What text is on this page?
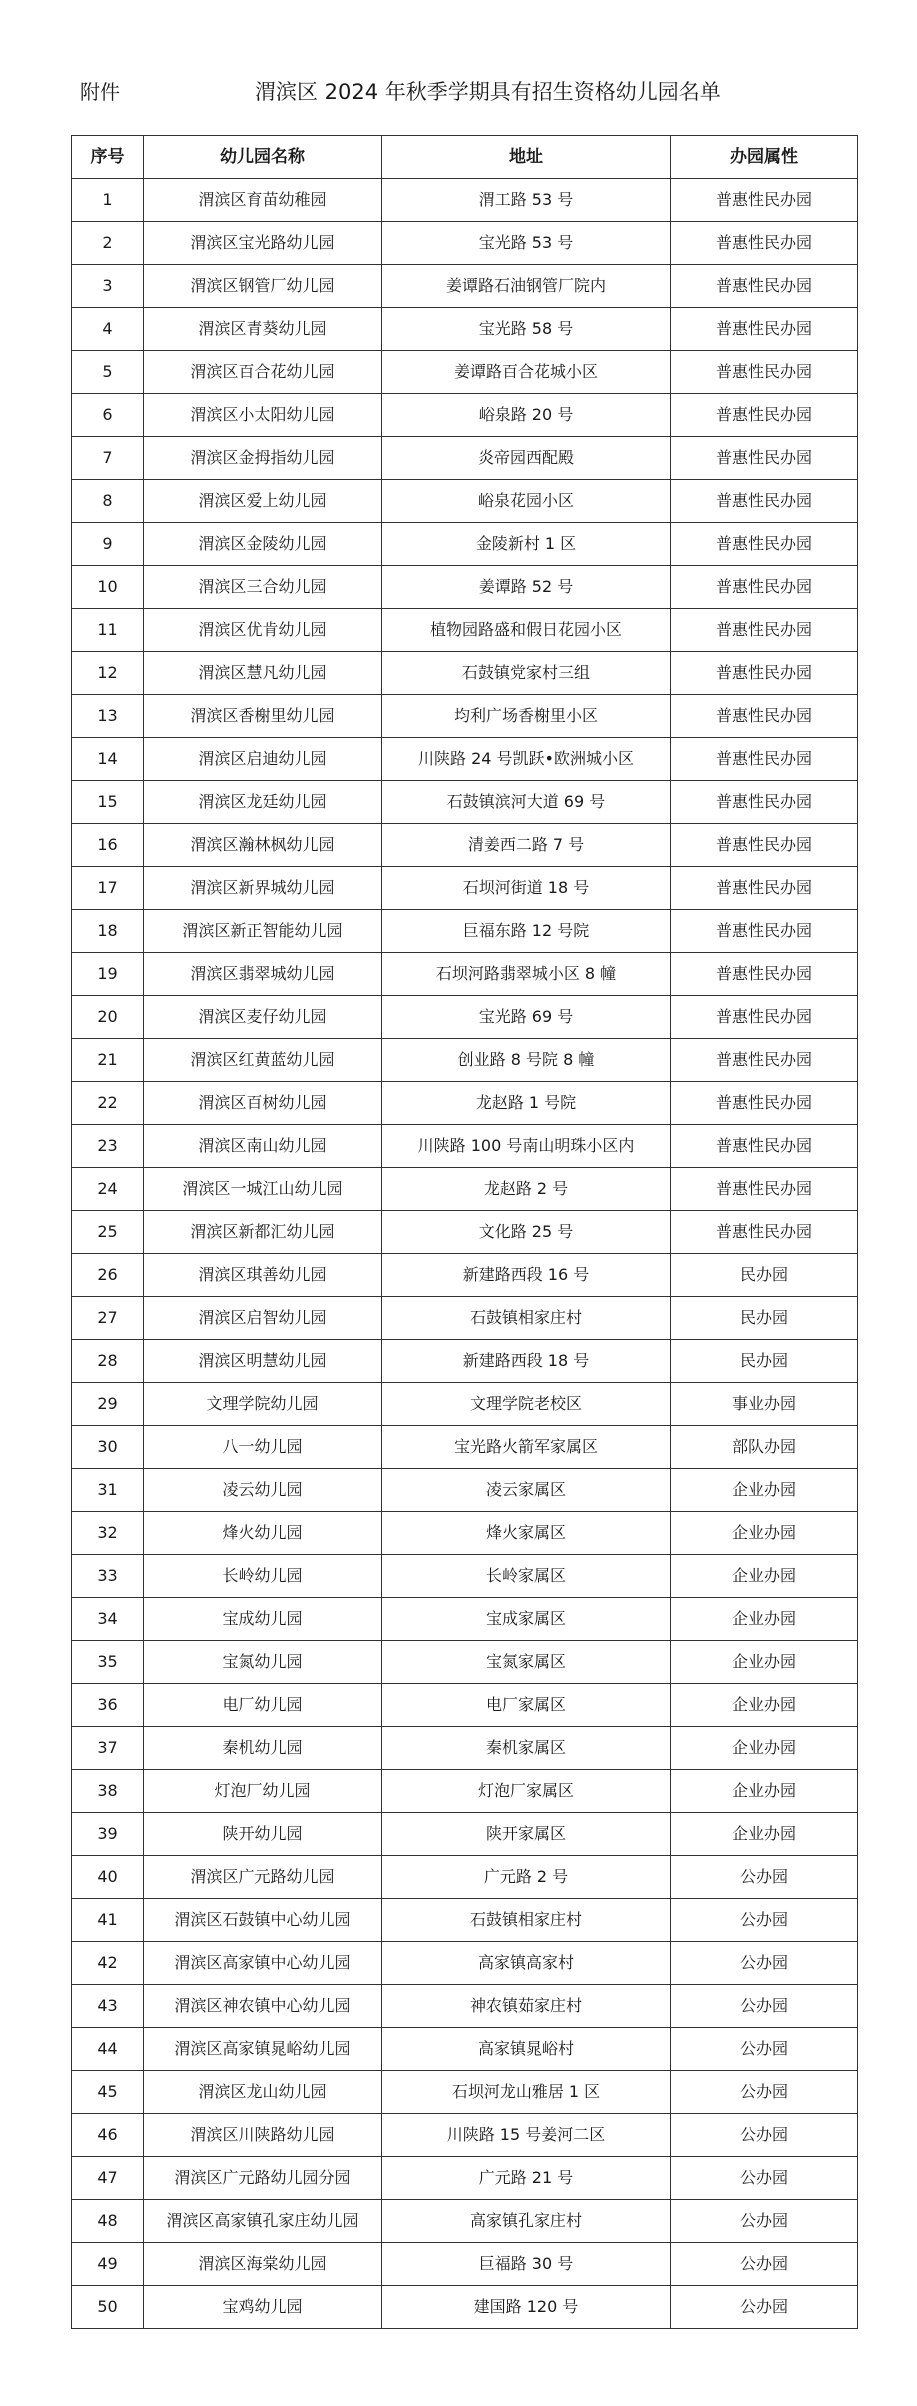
附件	渭滨区 2024 年秋季学期具有招生资格幼儿园名单
序号	幼儿园名称	地址	办园属性
1	渭滨区育苗幼稚园	渭工路 53 号	普惠性民办园
2	渭滨区宝光路幼儿园	宝光路 53 号	普惠性民办园
3	渭滨区钢管厂幼儿园	姜谭路石油钢管厂院内	普惠性民办园
4	渭滨区青葵幼儿园	宝光路 58 号	普惠性民办园
5	渭滨区百合花幼儿园	姜谭路百合花城小区	普惠性民办园
6	渭滨区小太阳幼儿园	峪泉路 20 号	普惠性民办园
7	渭滨区金拇指幼儿园	炎帝园西配殿	普惠性民办园
8	渭滨区爱上幼儿园	峪泉花园小区	普惠性民办园
9	渭滨区金陵幼儿园	金陵新村 1 区	普惠性民办园
10	渭滨区三合幼儿园	姜谭路 52 号	普惠性民办园
11	渭滨区优肯幼儿园	植物园路盛和假日花园小区	普惠性民办园
12	渭滨区慧凡幼儿园	石鼓镇党家村三组	普惠性民办园
13	渭滨区香榭里幼儿园	均利广场香榭里小区	普惠性民办园
14	渭滨区启迪幼儿园	川陕路 24 号凯跃•欧洲城小区	普惠性民办园
15	渭滨区龙廷幼儿园	石鼓镇滨河大道 69 号	普惠性民办园
16	渭滨区瀚林枫幼儿园	清姜西二路 7 号	普惠性民办园
17	渭滨区新界城幼儿园	石坝河街道 18 号	普惠性民办园
18	渭滨区新正智能幼儿园	巨福东路 12 号院	普惠性民办园
19	渭滨区翡翠城幼儿园	石坝河路翡翠城小区 8 幢	普惠性民办园
20	渭滨区麦仔幼儿园	宝光路 69 号	普惠性民办园
21	渭滨区红黄蓝幼儿园	创业路 8 号院 8 幢	普惠性民办园
22	渭滨区百树幼儿园	龙赵路 1 号院	普惠性民办园
23	渭滨区南山幼儿园	川陕路 100 号南山明珠小区内	普惠性民办园
24	渭滨区一城江山幼儿园	龙赵路 2 号	普惠性民办园
25	渭滨区新都汇幼儿园	文化路 25 号	普惠性民办园
26	渭滨区琪善幼儿园	新建路西段 16 号	民办园
27	渭滨区启智幼儿园	石鼓镇相家庄村	民办园
28	渭滨区明慧幼儿园	新建路西段 18 号	民办园
29	文理学院幼儿园	文理学院老校区	事业办园
30	八一幼儿园	宝光路火箭军家属区	部队办园
31	凌云幼儿园	凌云家属区	企业办园
32	烽火幼儿园	烽火家属区	企业办园
33	长岭幼儿园	长岭家属区	企业办园
34	宝成幼儿园	宝成家属区	企业办园
35	宝氮幼儿园	宝氮家属区	企业办园
36	电厂幼儿园	电厂家属区	企业办园
37	秦机幼儿园	秦机家属区	企业办园
38	灯泡厂幼儿园	灯泡厂家属区	企业办园
39	陕开幼儿园	陕开家属区	企业办园
40	渭滨区广元路幼儿园	广元路 2 号	公办园
41	渭滨区石鼓镇中心幼儿园	石鼓镇相家庄村	公办园
42	渭滨区高家镇中心幼儿园	高家镇高家村	公办园
43	渭滨区神农镇中心幼儿园	神农镇茹家庄村	公办园
44	渭滨区高家镇晁峪幼儿园	高家镇晁峪村	公办园
45	渭滨区龙山幼儿园	石坝河龙山雅居 1 区	公办园
46	渭滨区川陕路幼儿园	川陕路 15 号姜河二区	公办园
47	渭滨区广元路幼儿园分园	广元路 21 号	公办园
48	渭滨区高家镇孔家庄幼儿园	高家镇孔家庄村	公办园
49	渭滨区海棠幼儿园	巨福路 30 号	公办园
50	宝鸡幼儿园	建国路 120 号	公办园
